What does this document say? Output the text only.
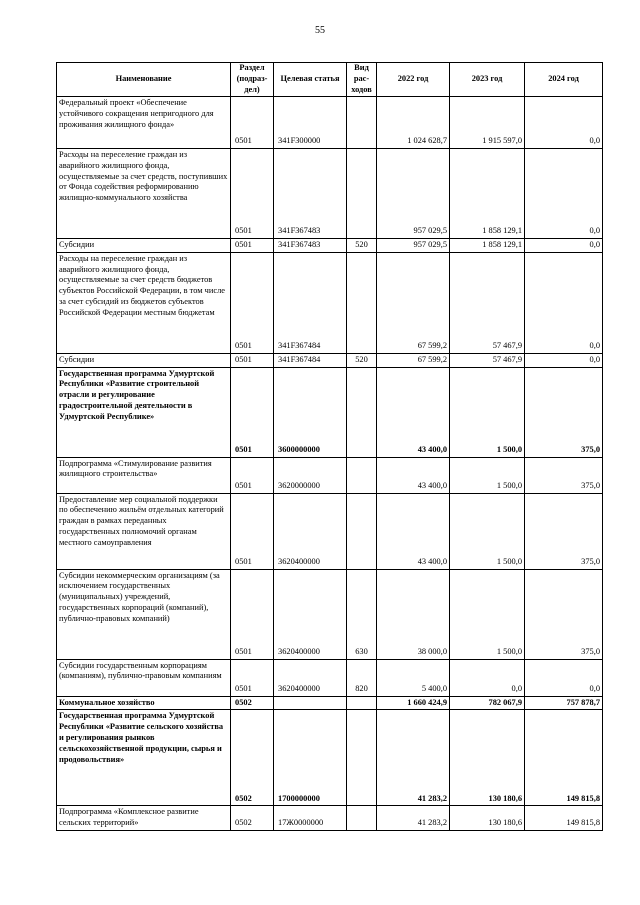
55
Наименование	Раздел (подраз-дел)	Целевая статья	Вид рас-ходов	2022 год	2023 год	2024 год
Федеральный проект «Обеспечение устойчивого сокращения непригодного для проживания жилищного фонда»	0501	341F300000		1 024 628,7	1 915 597,0	0,0
Расходы на переселение граждан из аварийного жилищного фонда, осуществляемые за счет средств, поступивших от Фонда содействия реформированию жилищно-коммунального хозяйства	0501	341F367483		957 029,5	1 858 129,1	0,0
Субсидии	0501	341F367483	520	957 029,5	1 858 129,1	0,0
Расходы на переселение граждан из аварийного жилищного фонда, осуществляемые за счет средств бюджетов субъектов Российской Федерации, в том числе за счет субсидий из бюджетов субъектов Российской Федерации местным бюджетам	0501	341F367484		67 599,2	57 467,9	0,0
Субсидии	0501	341F367484	520	67 599,2	57 467,9	0,0
Государственная программа Удмуртской Республики «Развитие строительной отрасли и регулирование градостроительной деятельности в Удмуртской Республике»	0501	3600000000		43 400,0	1 500,0	375,0
Подпрограмма «Стимулирование развития жилищного строительства»	0501	3620000000		43 400,0	1 500,0	375,0
Предоставление мер социальной поддержки по обеспечению жильём отдельных категорий граждан в рамках переданных государственных полномочий органам местного самоуправления	0501	3620400000		43 400,0	1 500,0	375,0
Субсидии некоммерческим организациям (за исключением государственных (муниципальных) учреждений, государственных корпораций (компаний), публично-правовых компаний)	0501	3620400000	630	38 000,0	1 500,0	375,0
Субсидии государственным корпорациям (компаниям), публично-правовым компаниям	0501	3620400000	820	5 400,0	0,0	0,0
Коммунальное хозяйство	0502			1 660 424,9	782 067,9	757 878,7
Государственная программа Удмуртской Республики «Развитие сельского хозяйства и регулирования рынков сельскохозяйственной продукции, сырья и продовольствия»	0502	1700000000		41 283,2	130 180,6	149 815,8
Подпрограмма «Комплексное развитие сельских территорий»	0502	17Ж0000000		41 283,2	130 180,6	149 815,8
